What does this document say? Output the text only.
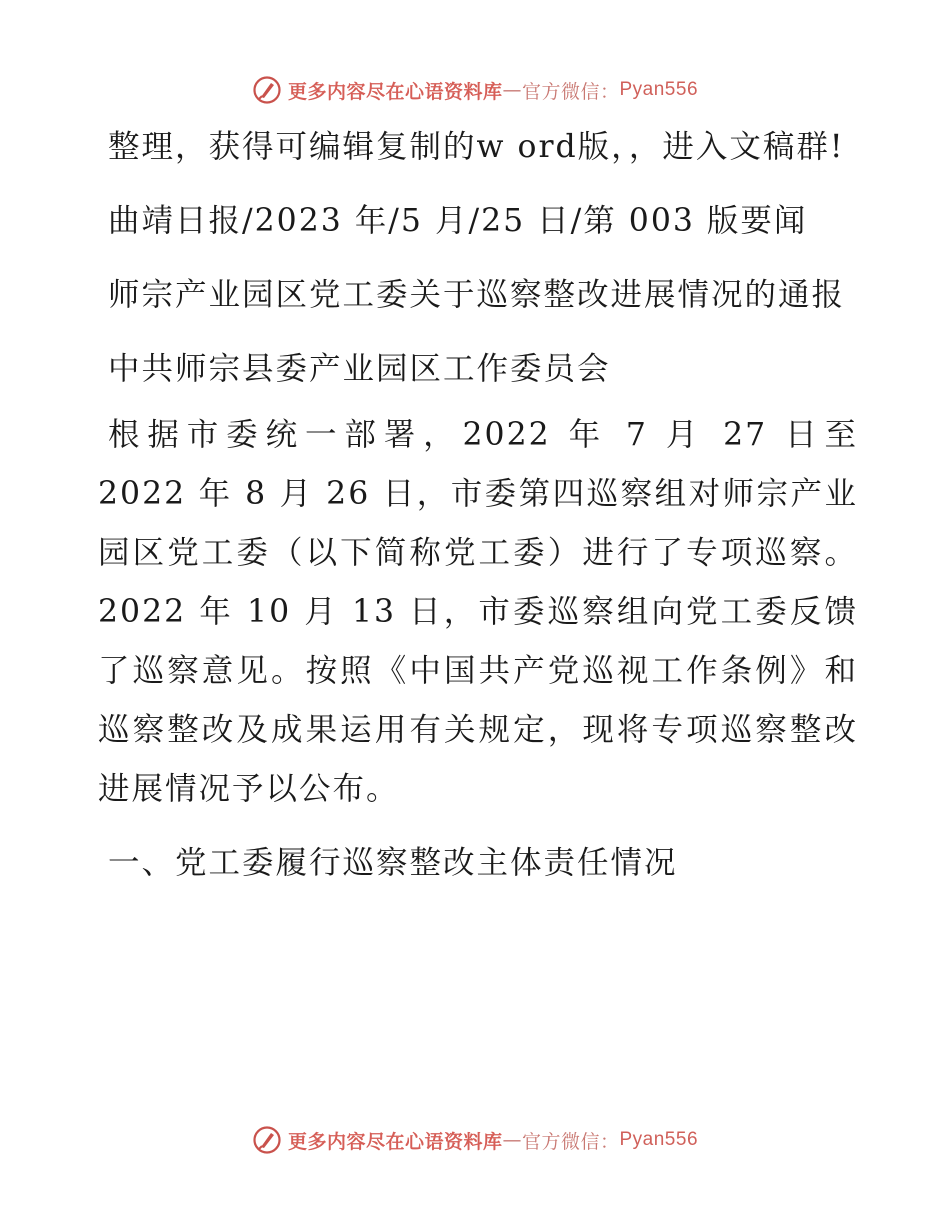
更多内容尽在心语资料库 — 官方微信： Pyan556

整理，获得可编辑复制的w ord版，，进入文稿群!

曲靖日报/2023 年/5 月/25 日/第 003 版要闻

师宗产业园区党工委关于巡察整改进展情况的通报

中共师宗县委产业园区工作委员会

根据市委统一部署，2022 年 7 月 27 日至 2022 年 8 月 26 日，市委第四巡察组对师宗产业园区党工委（以下简称党工委）进行了专项巡察。2022 年 10 月 13 日，市委巡察组向党工委反馈了巡察意见。按照《中国共产党巡视工作条例》和巡察整改及成果运用有关规定，现将专项巡察整改进展情况予以公布。

一、党工委履行巡察整改主体责任情况

更多内容尽在心语资料库 — 官方微信： Pyan556
